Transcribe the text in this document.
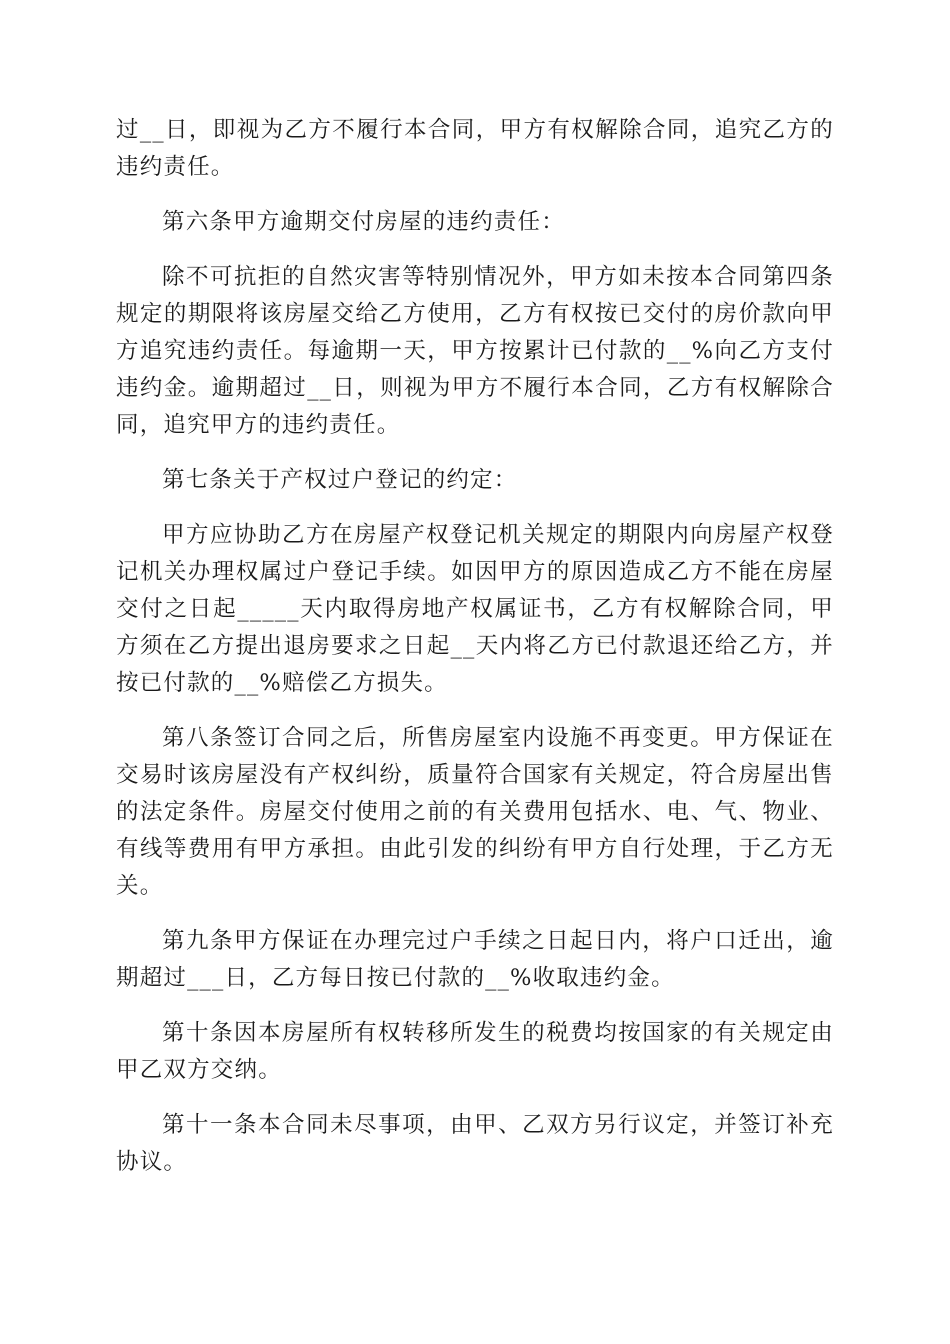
过__日，即视为乙方不履行本合同，甲方有权解除合同，追究乙方的违约责任。

第六条甲方逾期交付房屋的违约责任：

除不可抗拒的自然灾害等特别情况外，甲方如未按本合同第四条规定的期限将该房屋交给乙方使用，乙方有权按已交付的房价款向甲方追究违约责任。每逾期一天，甲方按累计已付款的__%向乙方支付违约金。逾期超过__日，则视为甲方不履行本合同，乙方有权解除合同，追究甲方的违约责任。

第七条关于产权过户登记的约定：

甲方应协助乙方在房屋产权登记机关规定的期限内向房屋产权登记机关办理权属过户登记手续。如因甲方的原因造成乙方不能在房屋交付之日起_____天内取得房地产权属证书，乙方有权解除合同，甲方须在乙方提出退房要求之日起__天内将乙方已付款退还给乙方，并按已付款的__%赔偿乙方损失。

第八条签订合同之后，所售房屋室内设施不再变更。甲方保证在交易时该房屋没有产权纠纷，质量符合国家有关规定，符合房屋出售的法定条件。房屋交付使用之前的有关费用包括水、电、气、物业、有线等费用有甲方承担。由此引发的纠纷有甲方自行处理，于乙方无关。

第九条甲方保证在办理完过户手续之日起日内，将户口迁出，逾期超过___日，乙方每日按已付款的__%收取违约金。

第十条因本房屋所有权转移所发生的税费均按国家的有关规定由甲乙双方交纳。

第十一条本合同未尽事项，由甲、乙双方另行议定，并签订补充协议。
